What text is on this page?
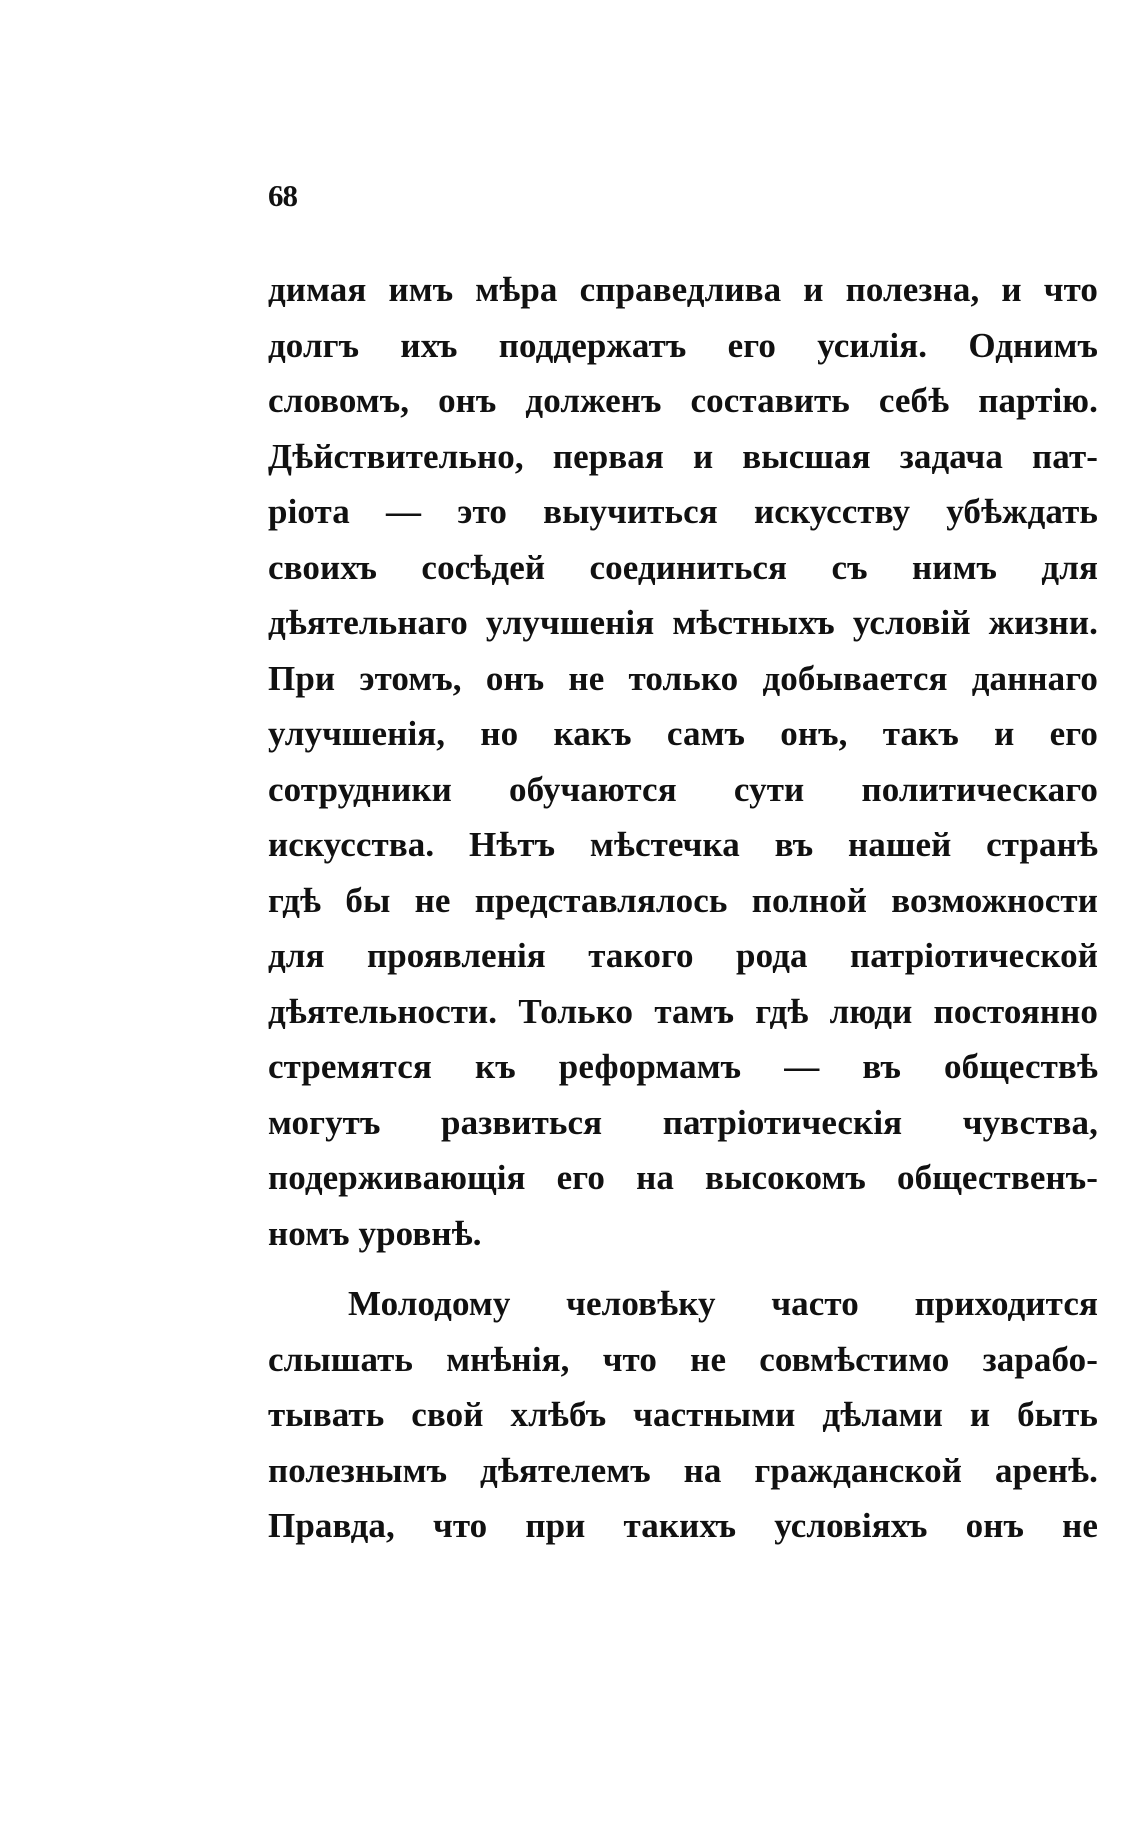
68
димая имъ мѣра справедлива и полезна, и что
долгъ ихъ поддержатъ его усилія. Однимъ
словомъ, онъ долженъ составить себѣ партію.
Дѣйствительно, первая и высшая задача пат-
ріота — это выучиться искусству убѣждать
своихъ сосѣдей соединиться съ нимъ для
дѣятельнаго улучшенія мѣстныхъ условій жизни.
При этомъ, онъ не только добывается даннаго
улучшенія, но какъ самъ онъ, такъ и его
сотрудники обучаются сути политическаго
искусства. Нѣтъ мѣстечка въ нашей странѣ
гдѣ бы не представлялось полной возможности
для проявленія такого рода патріотической
дѣятельности. Только тамъ гдѣ люди постоянно
стремятся къ реформамъ — въ обществѣ
могутъ развиться патріотическія чувства,
подерживающія его на высокомъ общественъ-
номъ уровнѣ.
Молодому человѣку часто приходится
слышать мнѣнія, что не совмѣстимо зарабо-
тывать свой хлѣбъ частными дѣлами и быть
полезнымъ дѣятелемъ на гражданской аренѣ.
Правда, что при такихъ условіяхъ онъ не
